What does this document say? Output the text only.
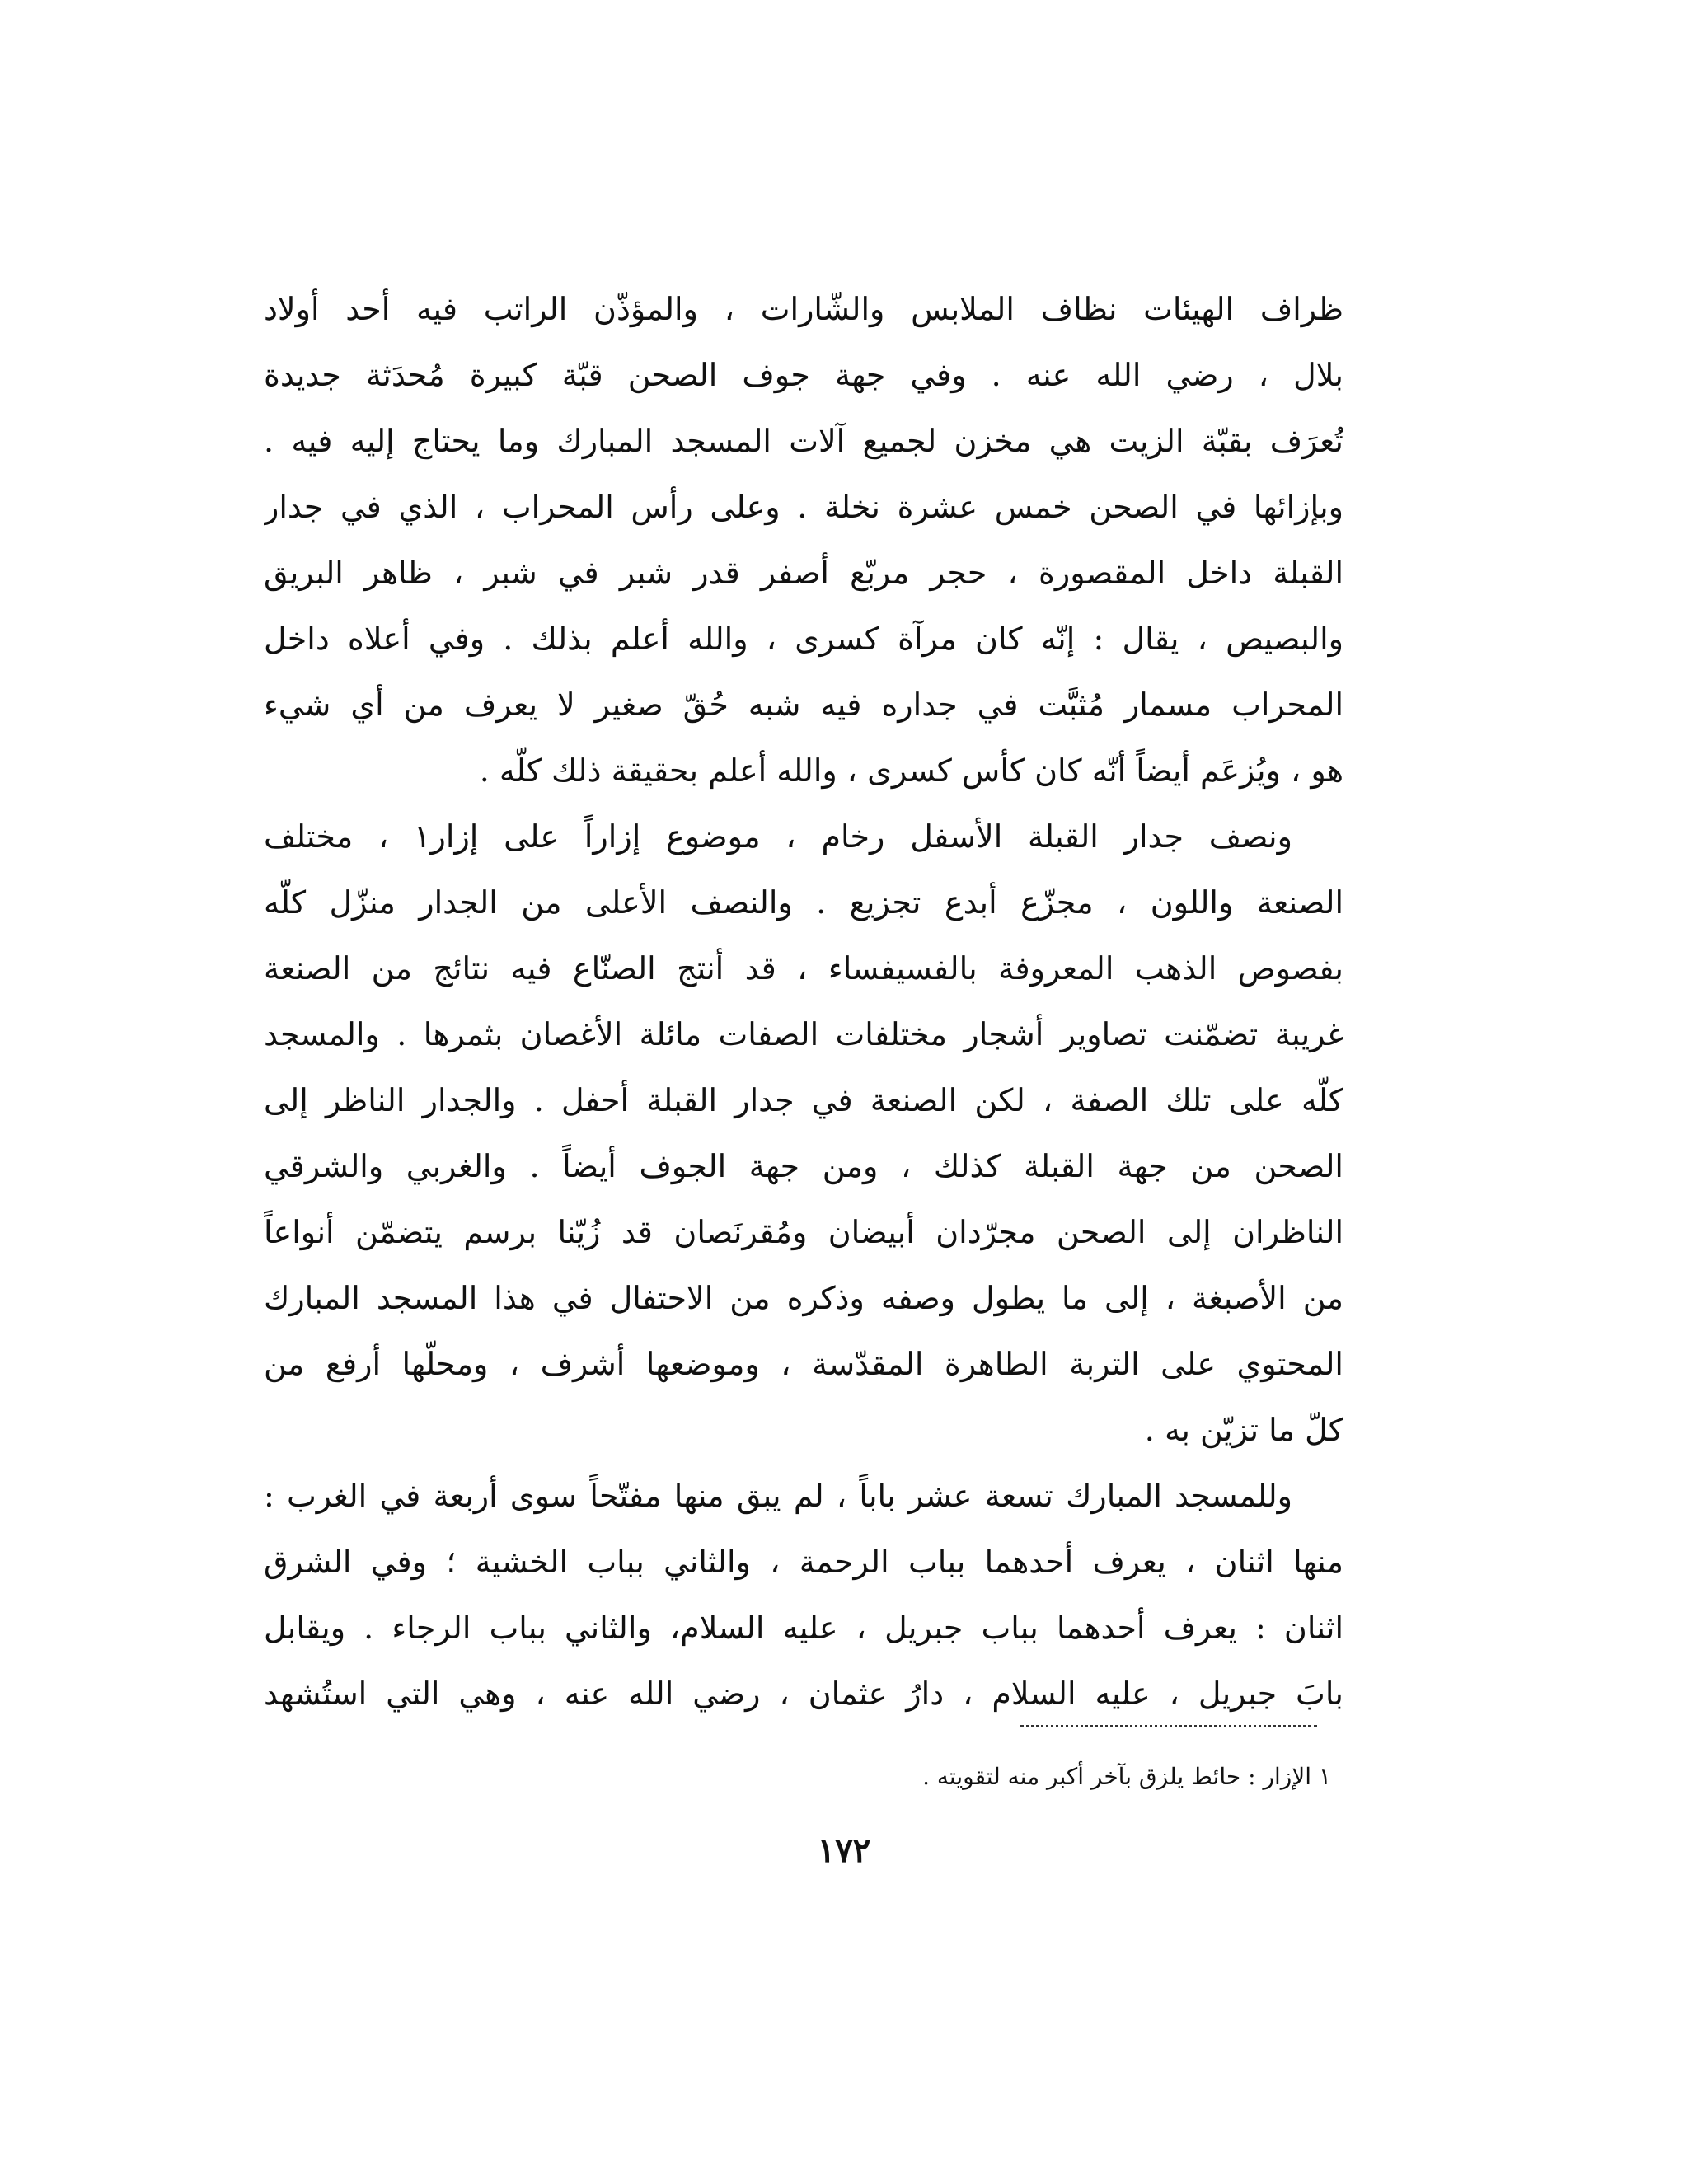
ظراف الهيئات نظاف الملابس والشّارات ، والمؤذّن الراتب فيه أحد أولاد
بلال ، رضي الله عنه . وفي جهة جوف الصحن قبّة كبيرة مُحدَثة جديدة
تُعرَف بقبّة الزيت هي مخزن لجميع آلات المسجد المبارك وما يحتاج إليه فيه .
وبإزائها في الصحن خمس عشرة نخلة . وعلى رأس المحراب ، الذي في جدار
القبلة داخل المقصورة ، حجر مربّع أصفر قدر شبر في شبر ، ظاهر البريق
والبصيص ، يقال : إنّه كان مرآة كسرى ، والله أعلم بذلك . وفي أعلاه داخل
المحراب مسمار مُثبَّت في جداره فيه شبه حُقّ صغير لا يعرف من أي شيء
هو ، ويُزعَم أيضاً أنّه كان كأس كسرى ، والله أعلم بحقيقة ذلك كلّه .
ونصف جدار القبلة الأسفل رخام ، موضوع إزاراً على إزار١ ، مختلف
الصنعة واللون ، مجزّع أبدع تجزيع . والنصف الأعلى من الجدار منزّل كلّه
بفصوص الذهب المعروفة بالفسيفساء ، قد أنتج الصنّاع فيه نتائج من الصنعة
غريبة تضمّنت تصاوير أشجار مختلفات الصفات مائلة الأغصان بثمرها . والمسجد
كلّه على تلك الصفة ، لكن الصنعة في جدار القبلة أحفل . والجدار الناظر إلى
الصحن من جهة القبلة كذلك ، ومن جهة الجوف أيضاً . والغربي والشرقي
الناظران إلى الصحن مجرّدان أبيضان ومُقرنَصان قد زُيّنا برسم يتضمّن أنواعاً
من الأصبغة ، إلى ما يطول وصفه وذكره من الاحتفال في هذا المسجد المبارك
المحتوي على التربة الطاهرة المقدّسة ، وموضعها أشرف ، ومحلّها أرفع من
كلّ ما تزيّن به .
وللمسجد المبارك تسعة عشر باباً ، لم يبق منها مفتّحاً سوى أربعة في الغرب :
منها اثنان ، يعرف أحدهما بباب الرحمة ، والثاني بباب الخشية ؛ وفي الشرق
اثنان : يعرف أحدهما بباب جبريل ، عليه السلام، والثاني بباب الرجاء . ويقابل
بابَ جبريل ، عليه السلام ، دارُ عثمان ، رضي الله عنه ، وهي التي استُشهد
١ الإزار : حائط يلزق بآخر أكبر منه لتقويته .
١٧٢
